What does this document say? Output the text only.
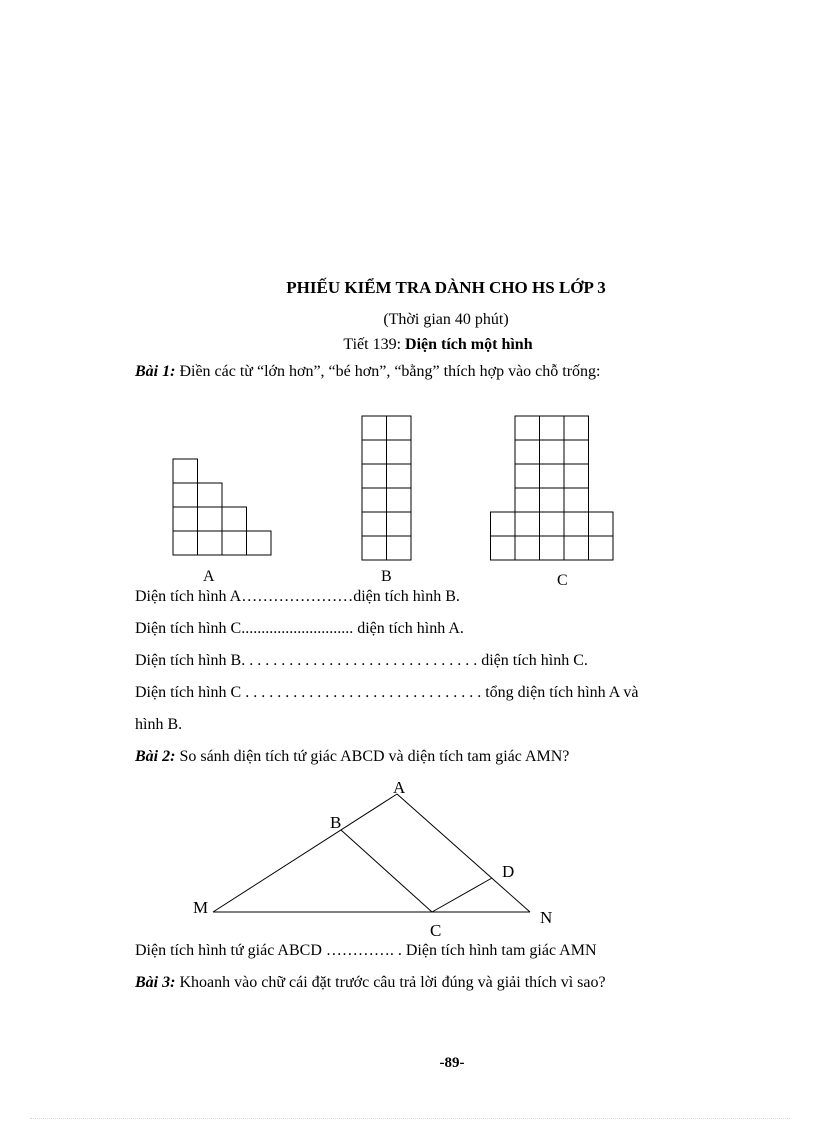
PHIẾU KIỂM TRA DÀNH CHO HS LỚP 3
(Thời gian 40 phút)
Tiết 139: Diện tích một hình
Bài 1: Điền các từ “lớn hơn”, “bé hơn”, “bằng” thích hợp vào chỗ trống:
A	B	C
Diện tích hình A…………………diện tích hình B.
Diện tích hình C............................ diện tích hình A.
Diện tích hình B. . . . . . . . . . . . . . . . . . . . . . . . . . . . . . diện tích hình C.
Diện tích hình C . . . . . . . . . . . . . . . . . . . . . . . . . . . . . . tổng diện tích hình A và
hình B.
Bài 2: So sánh diện tích tứ giác ABCD và diện tích tam giác AMN?
A
B
D
M
N
C
Diện tích hình tứ giác ABCD …………. . Diện tích hình tam giác AMN
Bài 3: Khoanh vào chữ cái đặt trước câu trả lời đúng và giải thích vì sao?
-89-
